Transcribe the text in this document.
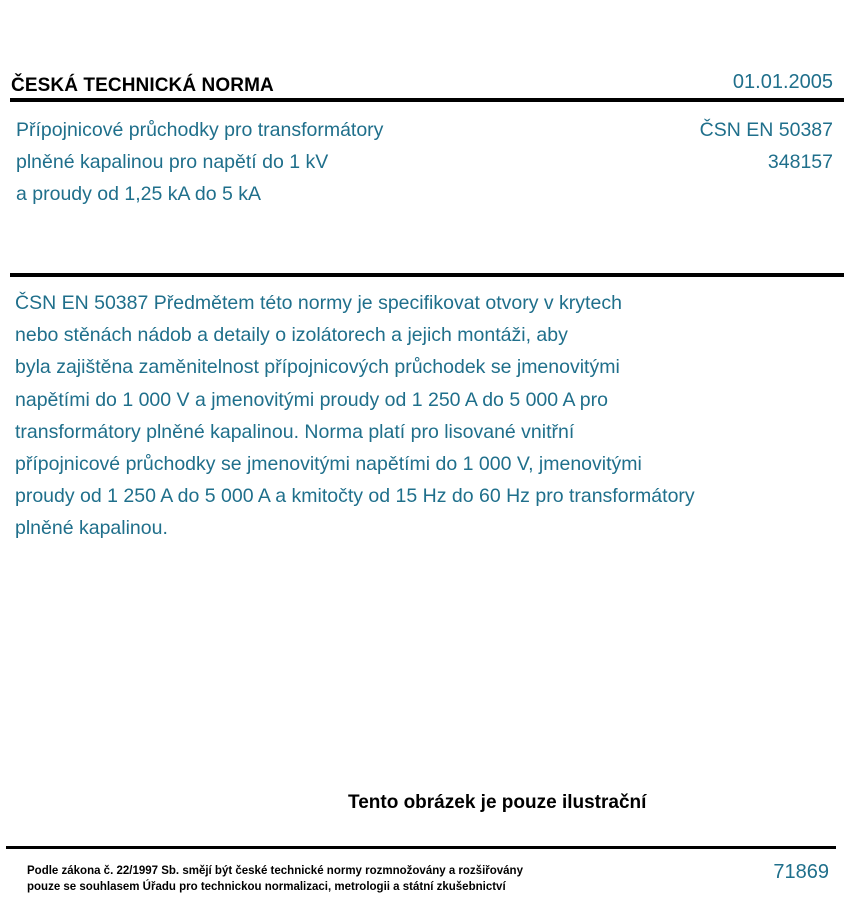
ČESKÁ TECHNICKÁ NORMA	01.01.2005
Přípojnicové průchodky pro transformátory
plněné kapalinou pro napětí do 1 kV
a proudy od 1,25 kA do 5 kA
ČSN EN 50387
348157
ČSN EN 50387 Předmětem této normy je specifikovat otvory v krytech
nebo stěnách nádob a detaily o izolátorech a jejich montáži, aby
byla zajištěna zaměnitelnost přípojnicových průchodek se jmenovitými
napětími do 1 000 V a jmenovitými proudy od 1 250 A do 5 000 A pro
transformátory plněné kapalinou. Norma platí pro lisované vnitřní
přípojnicové průchodky se jmenovitými napětími do 1 000 V, jmenovitými
proudy od 1 250 A do 5 000 A a kmitočty od 15 Hz do 60 Hz pro transformátory
plněné kapalinou.
Tento obrázek je pouze ilustrační
Podle zákona č. 22/1997 Sb. smějí být české technické normy rozmnožovány a rozšiřovány
pouze se souhlasem Úřadu pro technickou normalizaci, metrologii a státní zkušebnictví
71869
